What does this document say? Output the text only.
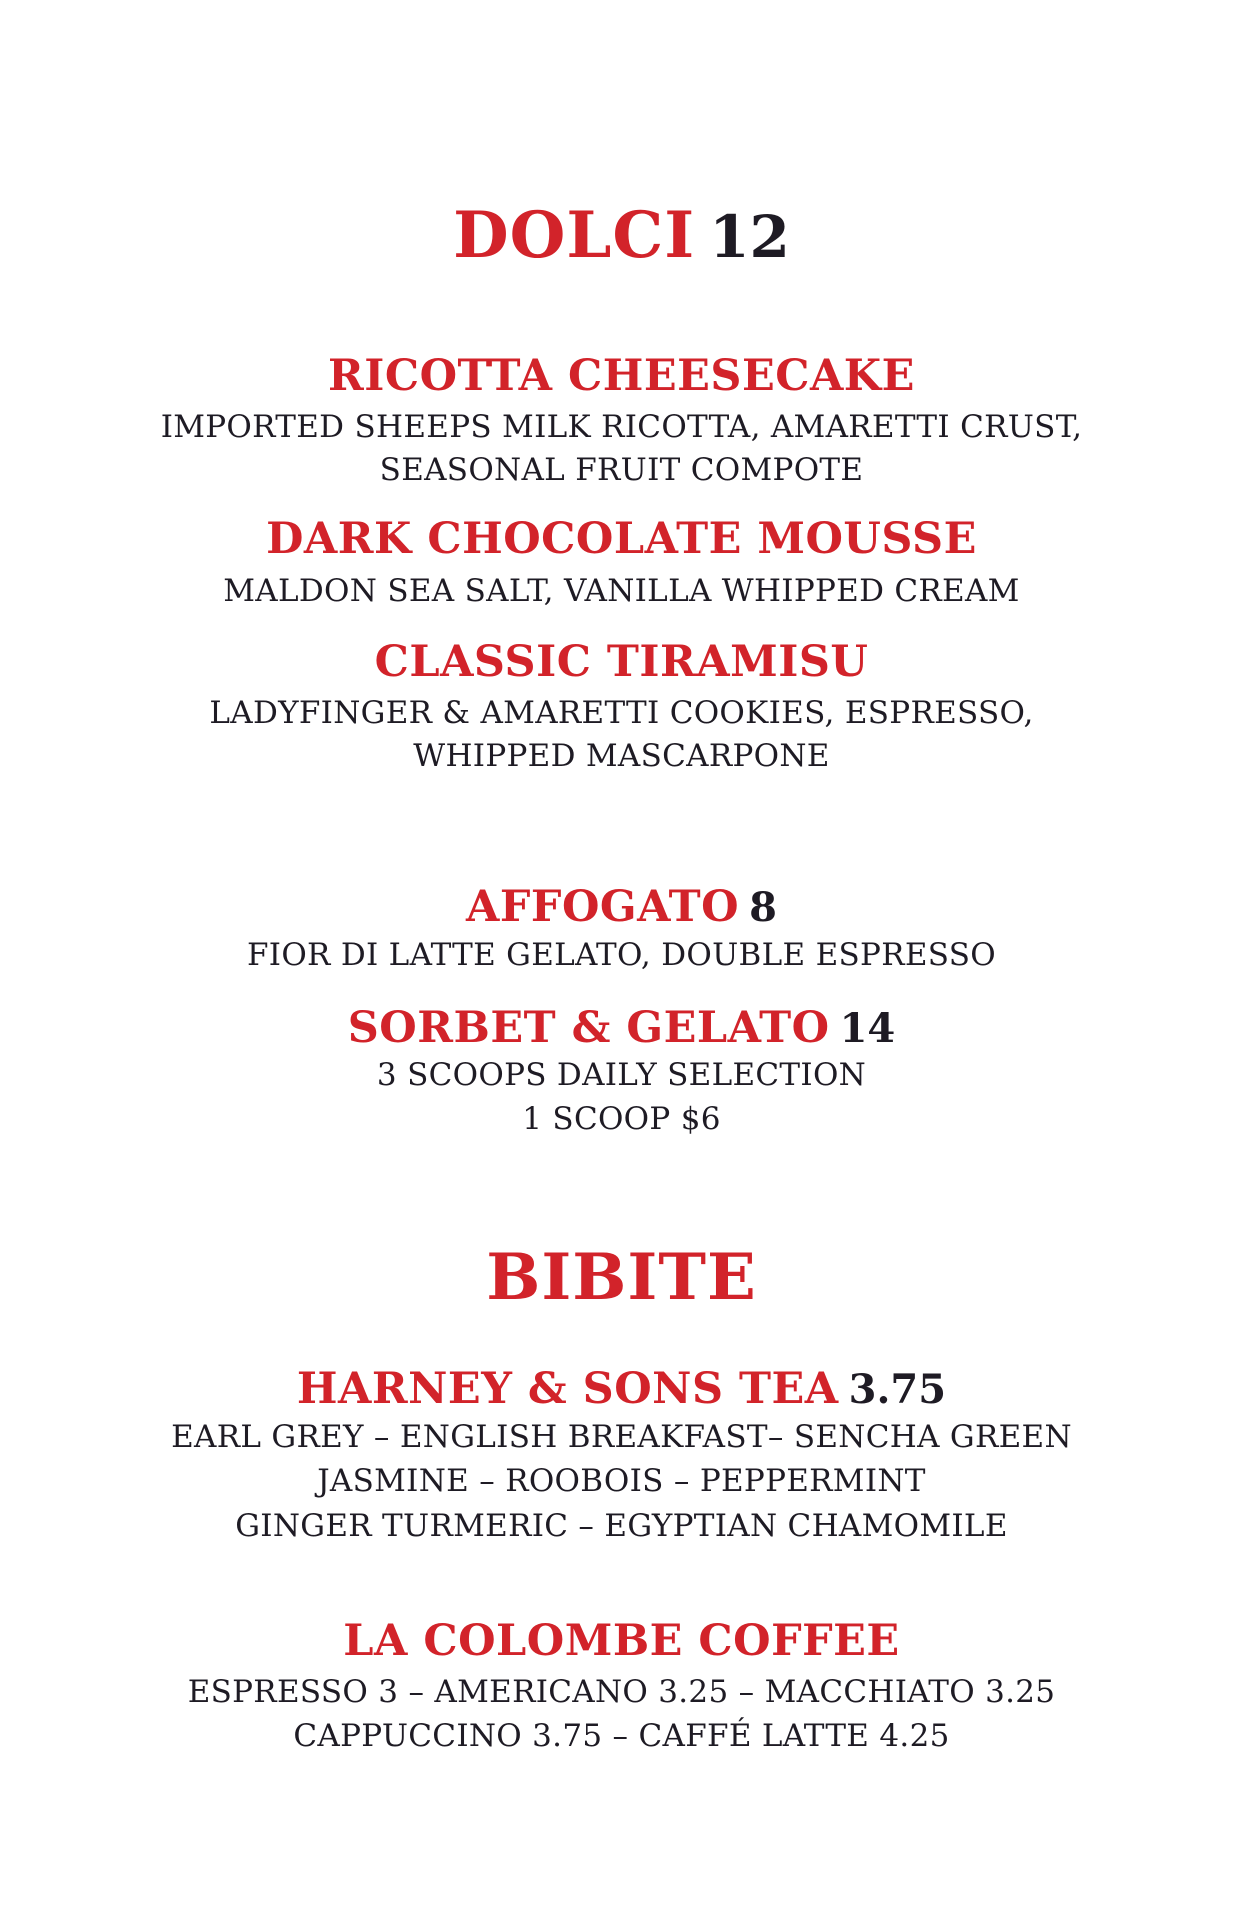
DOLCI 12
RICOTTA CHEESECAKE
IMPORTED SHEEPS MILK RICOTTA, AMARETTI CRUST,
SEASONAL FRUIT COMPOTE
DARK CHOCOLATE MOUSSE
MALDON SEA SALT, VANILLA WHIPPED CREAM
CLASSIC TIRAMISU
LADYFINGER & AMARETTI COOKIES, ESPRESSO,
WHIPPED MASCARPONE
AFFOGATO 8
FIOR DI LATTE GELATO, DOUBLE ESPRESSO
SORBET & GELATO 14
3 SCOOPS DAILY SELECTION
1 SCOOP $6
BIBITE
HARNEY & SONS TEA 3.75
EARL GREY – ENGLISH BREAKFAST– SENCHA GREEN
JASMINE – ROOBOIS – PEPPERMINT
GINGER TURMERIC – EGYPTIAN CHAMOMILE
LA COLOMBE COFFEE
ESPRESSO 3 – AMERICANO 3.25 – MACCHIATO 3.25
CAPPUCCINO 3.75 – CAFFÉ LATTE 4.25
